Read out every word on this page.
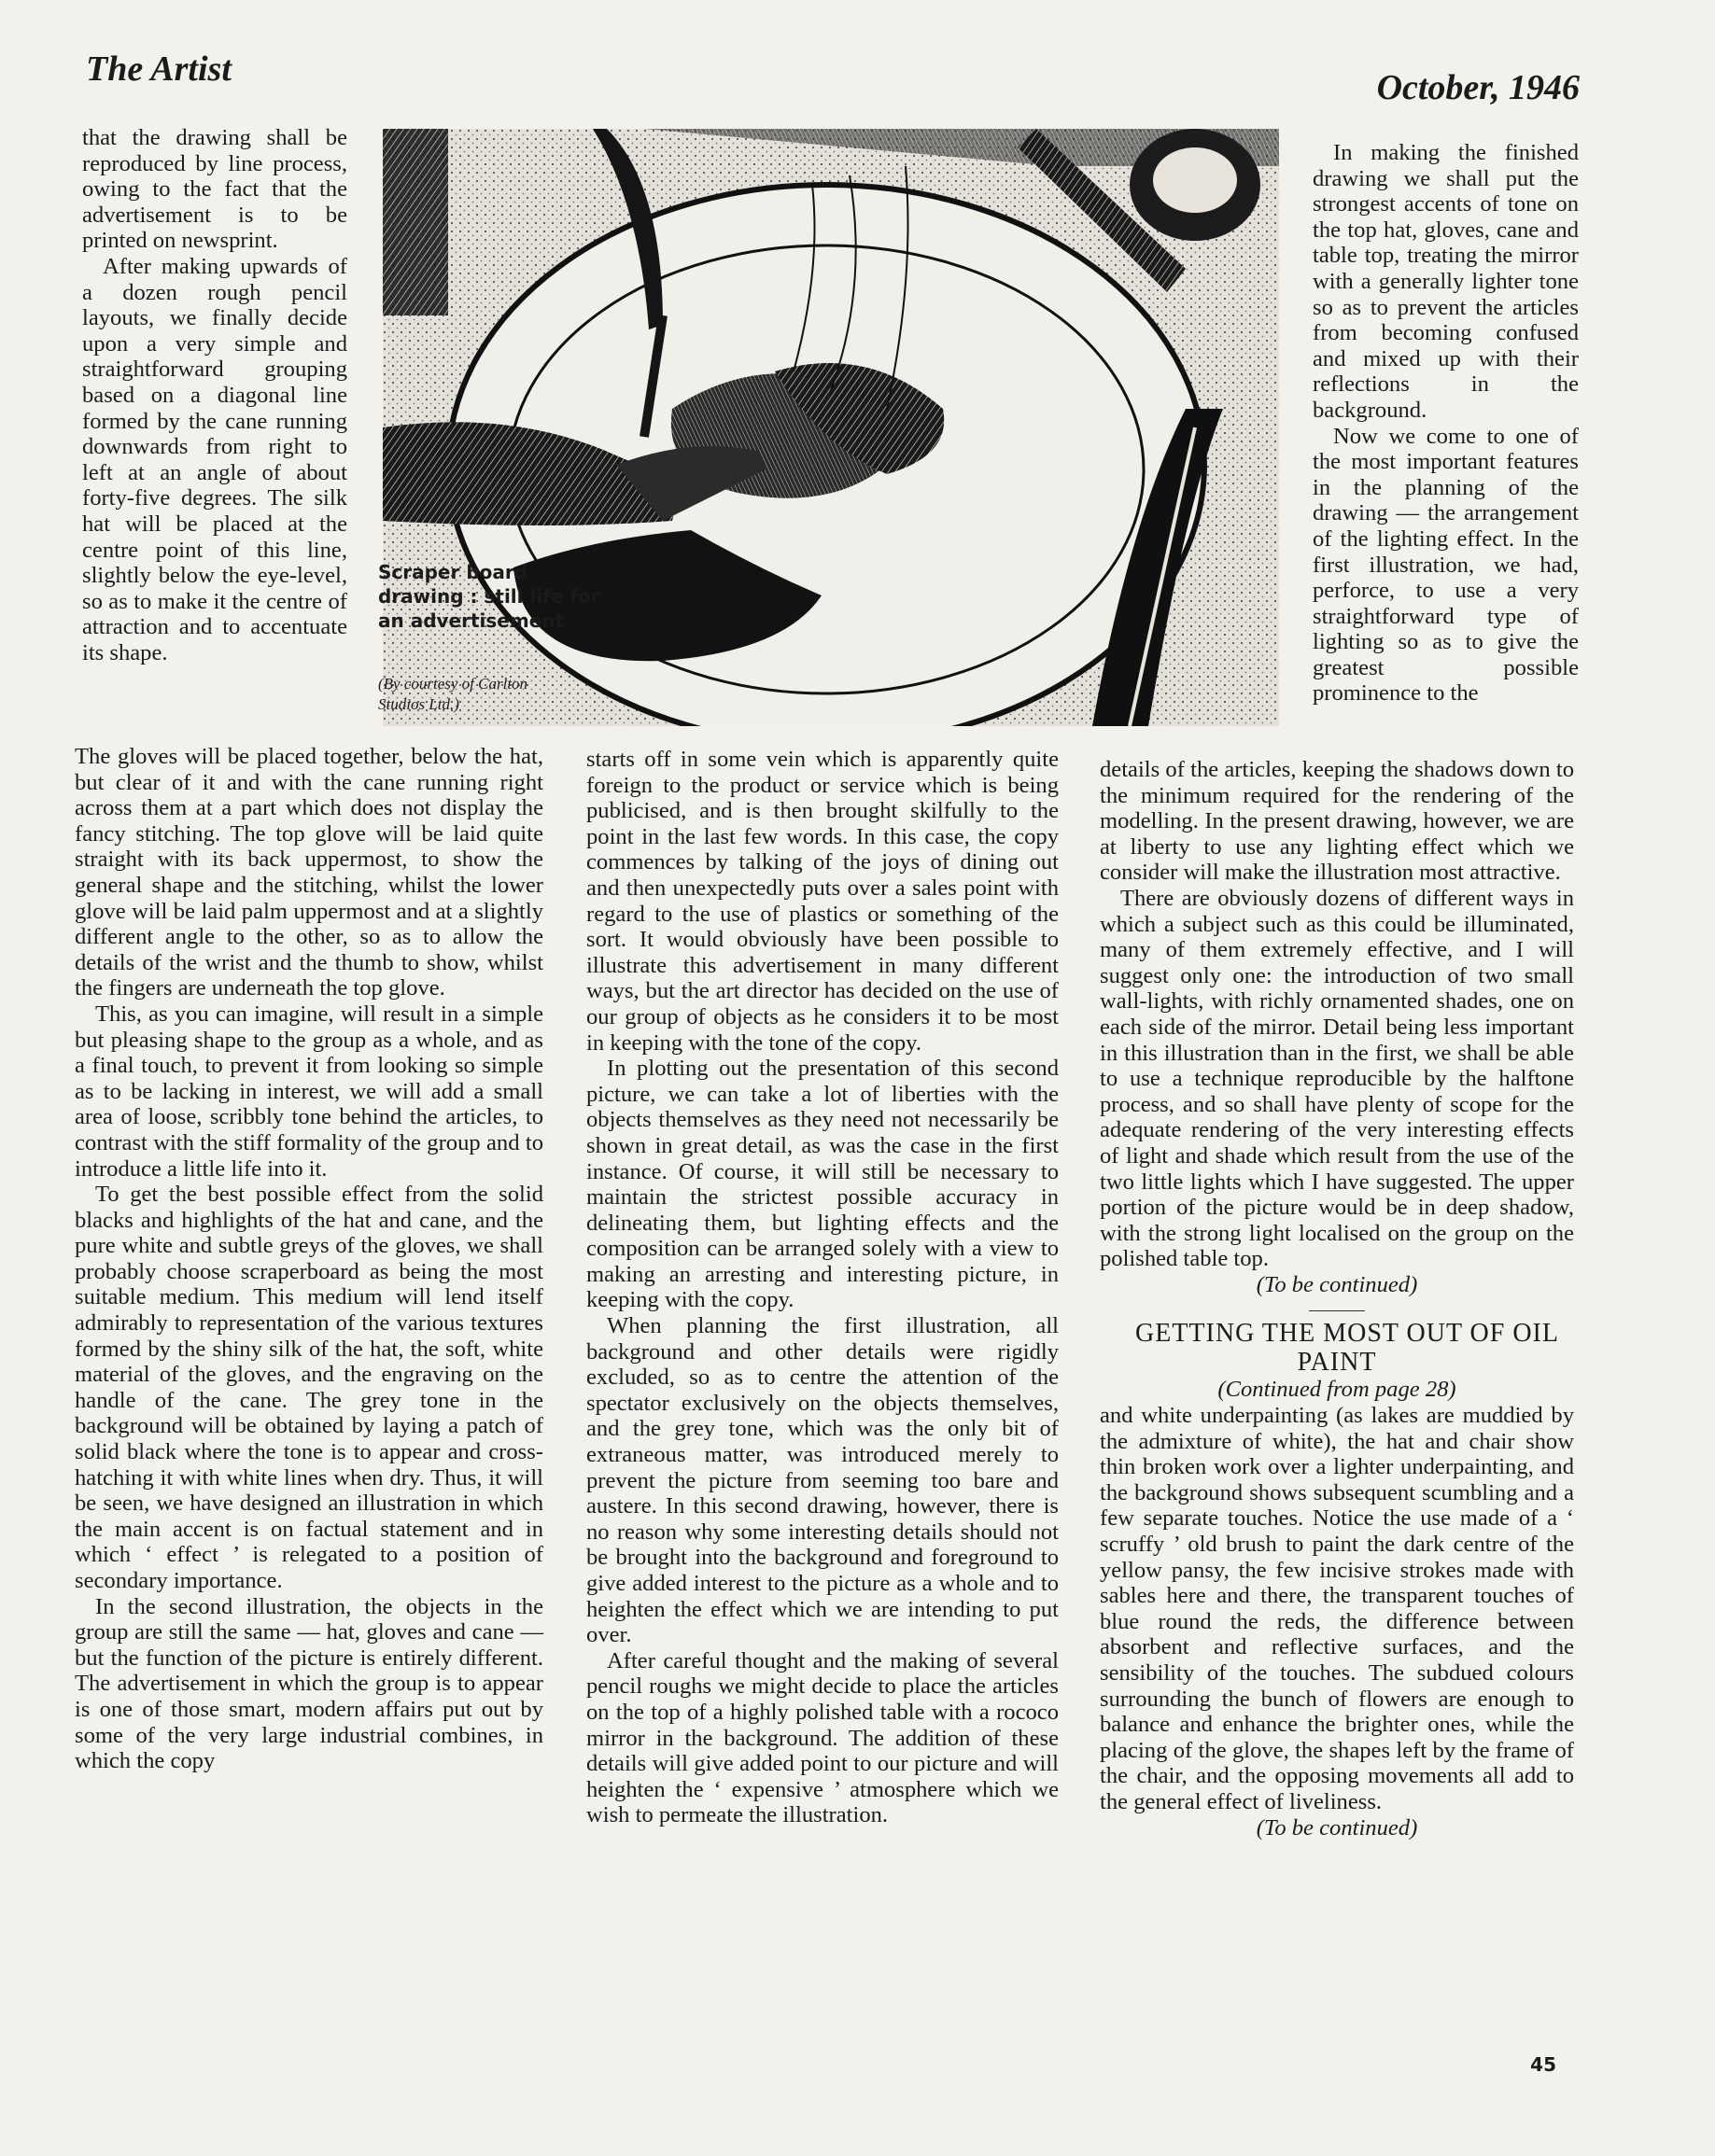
The Artist	October, 1946

that the drawing shall be reproduced by line process, owing to the fact that the advertisement is to be printed on newsprint.

After making upwards of a dozen rough pencil layouts, we finally decide upon a very simple and straightforward grouping based on a diagonal line formed by the cane running downwards from right to left at an angle of about forty-five degrees. The silk hat will be placed at the centre point of this line, slightly below the eye-level, so as to make it the centre of attraction and to accentuate its shape.

Scraper board drawing : still life for an advertisement
(By courtesy of Carlton Studios Ltd.)

The gloves will be placed together, below the hat, but clear of it and with the cane running right across them at a part which does not display the fancy stitching. The top glove will be laid quite straight with its back uppermost, to show the general shape and the stitching, whilst the lower glove will be laid palm uppermost and at a slightly different angle to the other, so as to allow the details of the wrist and the thumb to show, whilst the fingers are underneath the top glove.

This, as you can imagine, will result in a simple but pleasing shape to the group as a whole, and as a final touch, to prevent it from looking so simple as to be lacking in interest, we will add a small area of loose, scribbly tone behind the articles, to contrast with the stiff formality of the group and to introduce a little life into it.

To get the best possible effect from the solid blacks and highlights of the hat and cane, and the pure white and subtle greys of the gloves, we shall probably choose scraperboard as being the most suitable medium. This medium will lend itself admirably to representation of the various textures formed by the shiny silk of the hat, the soft, white material of the gloves, and the engraving on the handle of the cane. The grey tone in the background will be obtained by laying a patch of solid black where the tone is to appear and cross-hatching it with white lines when dry. Thus, it will be seen, we have designed an illustration in which the main accent is on factual statement and in which ‘ effect ’ is relegated to a position of secondary importance.

In the second illustration, the objects in the group are still the same — hat, gloves and cane — but the function of the picture is entirely different. The advertisement in which the group is to appear is one of those smart, modern affairs put out by some of the very large industrial combines, in which the copy

starts off in some vein which is apparently quite foreign to the product or service which is being publicised, and is then brought skilfully to the point in the last few words. In this case, the copy commences by talking of the joys of dining out and then unexpectedly puts over a sales point with regard to the use of plastics or something of the sort. It would obviously have been possible to illustrate this advertisement in many different ways, but the art director has decided on the use of our group of objects as he considers it to be most in keeping with the tone of the copy.

In plotting out the presentation of this second picture, we can take a lot of liberties with the objects themselves as they need not necessarily be shown in great detail, as was the case in the first instance. Of course, it will still be necessary to maintain the strictest possible accuracy in delineating them, but lighting effects and the composition can be arranged solely with a view to making an arresting and interesting picture, in keeping with the copy.

When planning the first illustration, all background and other details were rigidly excluded, so as to centre the attention of the spectator exclusively on the objects themselves, and the grey tone, which was the only bit of extraneous matter, was introduced merely to prevent the picture from seeming too bare and austere. In this second drawing, however, there is no reason why some interesting details should not be brought into the background and foreground to give added interest to the picture as a whole and to heighten the effect which we are intending to put over.

After careful thought and the making of several pencil roughs we might decide to place the articles on the top of a highly polished table with a rococo mirror in the background. The addition of these details will give added point to our picture and will heighten the ‘ expensive ’ atmosphere which we wish to permeate the illustration.

In making the finished drawing we shall put the strongest accents of tone on the top hat, gloves, cane and table top, treating the mirror with a generally lighter tone so as to prevent the articles from becoming confused and mixed up with their reflections in the background.

Now we come to one of the most important features in the planning of the drawing — the arrangement of the lighting effect. In the first illustration, we had, perforce, to use a very straightforward type of lighting so as to give the greatest possible prominence to the

details of the articles, keeping the shadows down to the minimum required for the rendering of the modelling. In the present drawing, however, we are at liberty to use any lighting effect which we consider will make the illustration most attractive.

There are obviously dozens of different ways in which a subject such as this could be illuminated, many of them extremely effective, and I will suggest only one: the introduction of two small wall-lights, with richly ornamented shades, one on each side of the mirror. Detail being less important in this illustration than in the first, we shall be able to use a technique reproducible by the halftone process, and so shall have plenty of scope for the adequate rendering of the very interesting effects of light and shade which result from the use of the two little lights which I have suggested. The upper portion of the picture would be in deep shadow, with the strong light localised on the group on the polished table top.

(To be continued)

GETTING THE MOST OUT OF OIL PAINT

(Continued from page 28)

and white underpainting (as lakes are muddied by the admixture of white), the hat and chair show thin broken work over a lighter underpainting, and the background shows subsequent scumbling and a few separate touches. Notice the use made of a ‘ scruffy ’ old brush to paint the dark centre of the yellow pansy, the few incisive strokes made with sables here and there, the transparent touches of blue round the reds, the difference between absorbent and reflective surfaces, and the sensibility of the touches. The subdued colours surrounding the bunch of flowers are enough to balance and enhance the brighter ones, while the placing of the glove, the shapes left by the frame of the chair, and the opposing movements all add to the general effect of liveliness.

(To be continued)

45
